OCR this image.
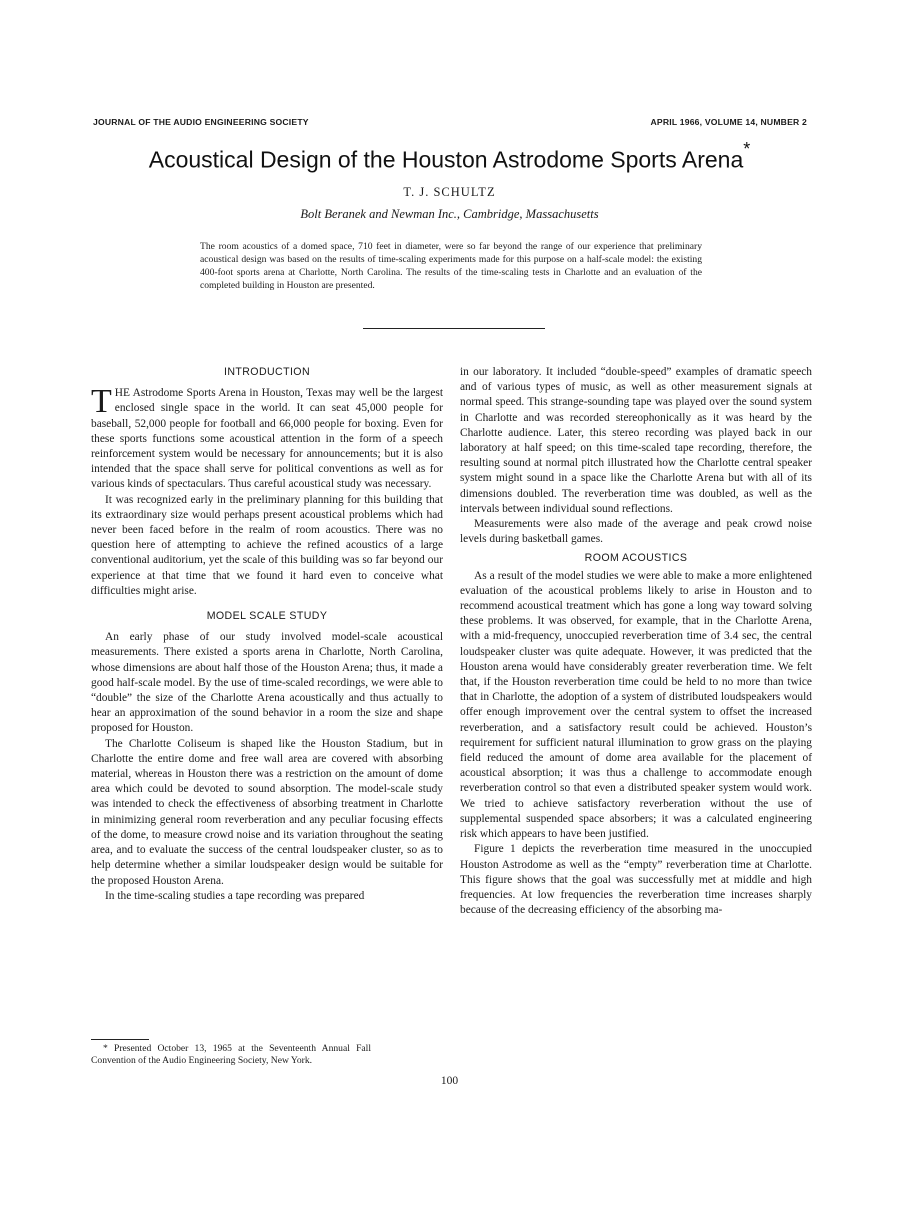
JOURNAL OF THE AUDIO ENGINEERING SOCIETY	APRIL 1966, VOLUME 14, NUMBER 2
Acoustical Design of the Houston Astrodome Sports Arena*
T. J. SCHULTZ
Bolt Beranek and Newman Inc., Cambridge, Massachusetts
The room acoustics of a domed space, 710 feet in diameter, were so far beyond the range of our experience that preliminary acoustical design was based on the results of time-scaling experiments made for this purpose on a half-scale model: the existing 400-foot sports arena at Charlotte, North Carolina. The results of the time-scaling tests in Charlotte and an evaluation of the completed building in Houston are presented.
INTRODUCTION

THE Astrodome Sports Arena in Houston, Texas may well be the largest enclosed single space in the world. It can seat 45,000 people for baseball, 52,000 people for football and 66,000 people for boxing. Even for these sports functions some acoustical attention in the form of a speech reinforcement system would be necessary for announcements; but it is also intended that the space shall serve for political conventions as well as for various kinds of spectaculars. Thus careful acoustical study was necessary.

It was recognized early in the preliminary planning for this building that its extraordinary size would perhaps present acoustical problems which had never been faced before in the realm of room acoustics. There was no question here of attempting to achieve the refined acoustics of a large conventional auditorium, yet the scale of this building was so far beyond our experience at that time that we found it hard even to conceive what difficulties might arise.

MODEL SCALE STUDY

An early phase of our study involved model-scale acoustical measurements. There existed a sports arena in Charlotte, North Carolina, whose dimensions are about half those of the Houston Arena; thus, it made a good half-scale model. By the use of time-scaled recordings, we were able to “double” the size of the Charlotte Arena acoustically and thus actually to hear an approximation of the sound behavior in a room the size and shape proposed for Houston.

The Charlotte Coliseum is shaped like the Houston Stadium, but in Charlotte the entire dome and free wall area are covered with absorbing material, whereas in Houston there was a restriction on the amount of dome area which could be devoted to sound absorption. The model-scale study was intended to check the effectiveness of absorbing treatment in Charlotte in minimizing general room reverberation and any peculiar focusing effects of the dome, to measure crowd noise and its variation throughout the seating area, and to evaluate the success of the central loudspeaker cluster, so as to help determine whether a similar loudspeaker design would be suitable for the proposed Houston Arena.

In the time-scaling studies a tape recording was prepared

in our laboratory. It included “double-speed” examples of dramatic speech and of various types of music, as well as other measurement signals at normal speed. This strange-sounding tape was played over the sound system in Charlotte and was recorded stereophonically as it was heard by the Charlotte audience. Later, this stereo recording was played back in our laboratory at half speed; on this time-scaled tape recording, therefore, the resulting sound at normal pitch illustrated how the Charlotte central speaker system might sound in a space like the Charlotte Arena but with all of its dimensions doubled. The reverberation time was doubled, as well as the intervals between individual sound reflections.

Measurements were also made of the average and peak crowd noise levels during basketball games.

ROOM ACOUSTICS

As a result of the model studies we were able to make a more enlightened evaluation of the acoustical problems likely to arise in Houston and to recommend acoustical treatment which has gone a long way toward solving these problems. It was observed, for example, that in the Charlotte Arena, with a mid-frequency, unoccupied reverberation time of 3.4 sec, the central loudspeaker cluster was quite adequate. However, it was predicted that the Houston arena would have considerably greater reverberation time. We felt that, if the Houston reverberation time could be held to no more than twice that in Charlotte, the adoption of a system of distributed loudspeakers would offer enough improvement over the central system to offset the increased reverberation, and a satisfactory result could be achieved. Houston’s requirement for sufficient natural illumination to grow grass on the playing field reduced the amount of dome area available for the placement of acoustical absorption; it was thus a challenge to accommodate enough reverberation control so that even a distributed speaker system would work. We tried to achieve satisfactory reverberation without the use of supplemental suspended space absorbers; it was a calculated engineering risk which appears to have been justified.

Figure 1 depicts the reverberation time measured in the unoccupied Houston Astrodome as well as the “empty” reverberation time at Charlotte. This figure shows that the goal was successfully met at middle and high frequencies. At low frequencies the reverberation time increases sharply because of the decreasing efficiency of the absorbing ma-

* Presented October 13, 1965 at the Seventeenth Annual Fall Convention of the Audio Engineering Society, New York.
100
